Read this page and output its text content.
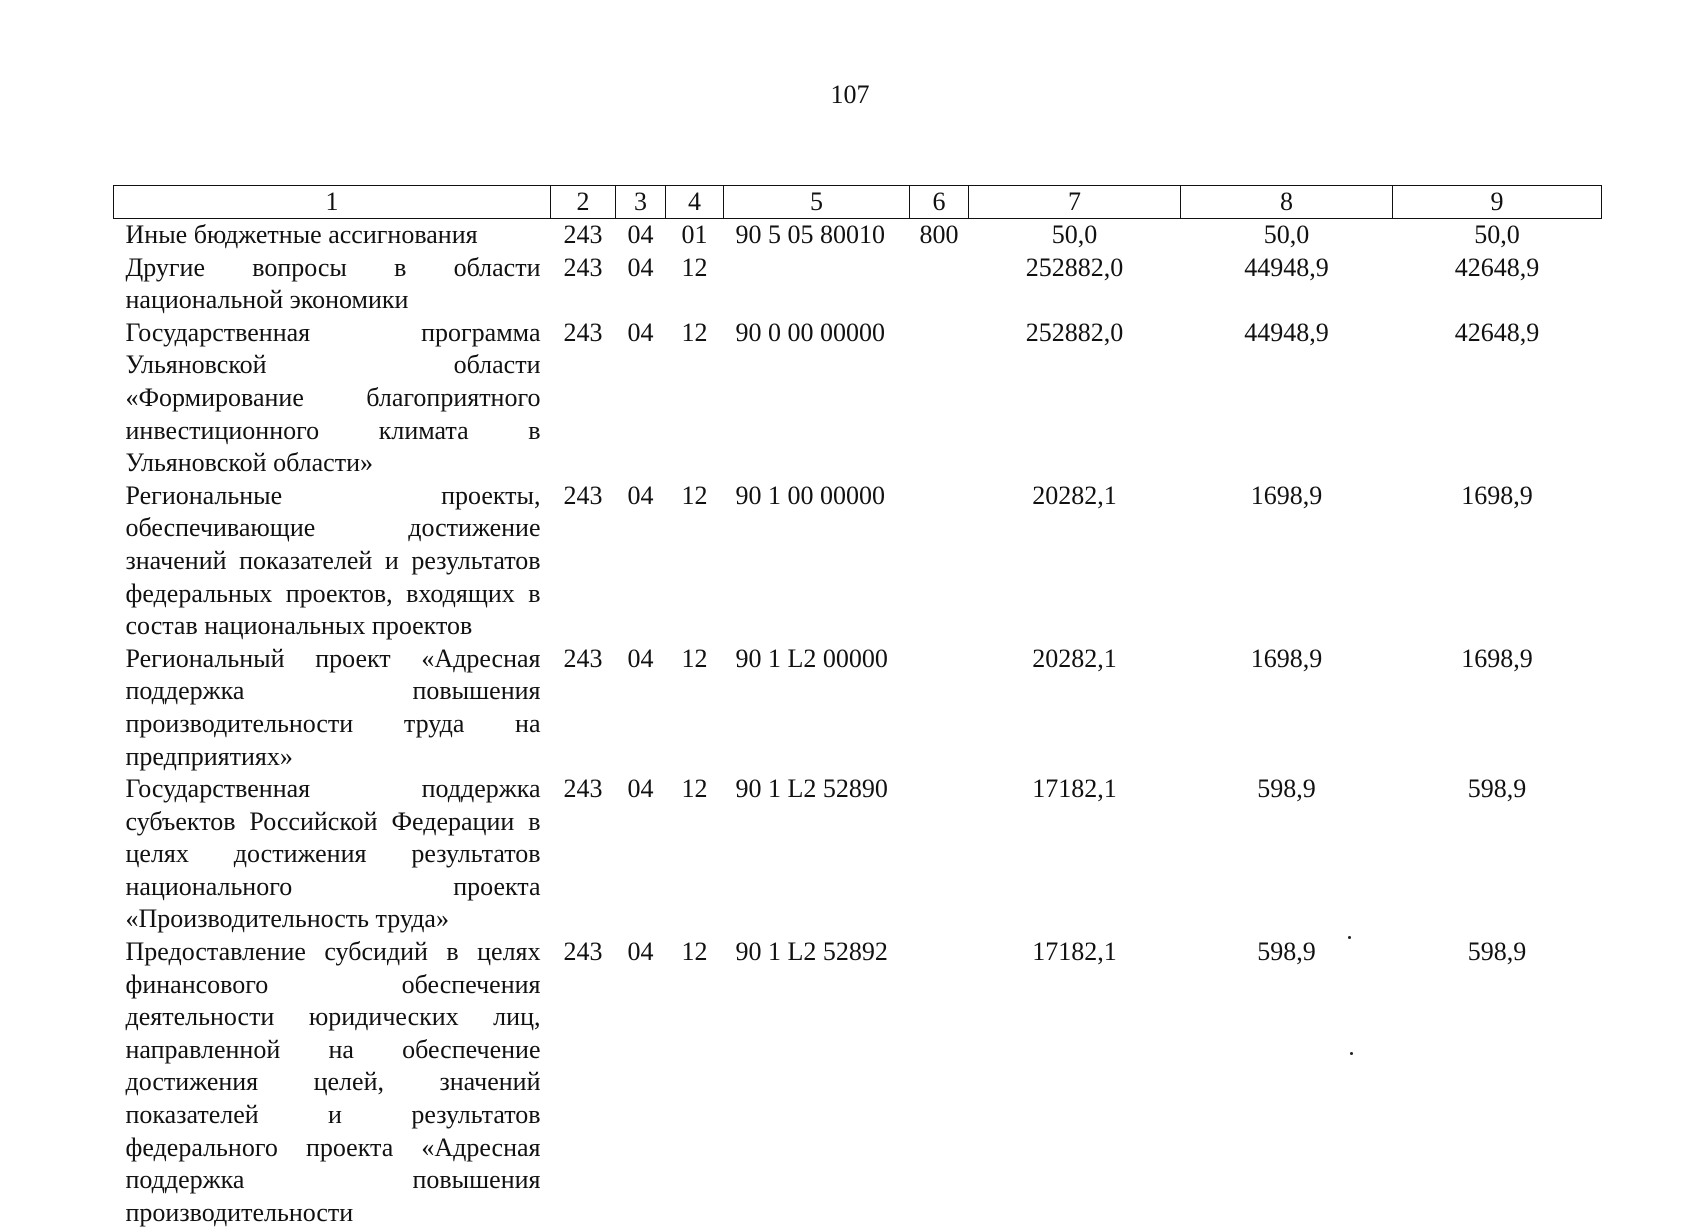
107
1	2	3	4	5	6	7	8	9
Иные бюджетные ассигнования	243	04	01	90 5 05 80010	800	50,0	50,0	50,0
Другие вопросы в области национальной экономики	243	04	12			252882,0	44948,9	42648,9
Государственная программа Ульяновской области «Формирование благоприятного инвестиционного климата в Ульяновской области»	243	04	12	90 0 00 00000		252882,0	44948,9	42648,9
Региональные проекты, обеспечивающие достижение значений показателей и результатов федеральных проектов, входящих в состав национальных проектов	243	04	12	90 1 00 00000		20282,1	1698,9	1698,9
Региональный проект «Адресная поддержка повышения производительности труда на предприятиях»	243	04	12	90 1 L2 00000		20282,1	1698,9	1698,9
Государственная поддержка субъектов Российской Федерации в целях достижения результатов национального проекта «Производительность труда»	243	04	12	90 1 L2 52890		17182,1	598,9	598,9
Предоставление субсидий в целях финансового обеспечения деятельности юридических лиц, направленной на обеспечение достижения целей, значений показателей и результатов федерального проекта «Адресная поддержка повышения производительности	243	04	12	90 1 L2 52892		17182,1	598,9	598,9
